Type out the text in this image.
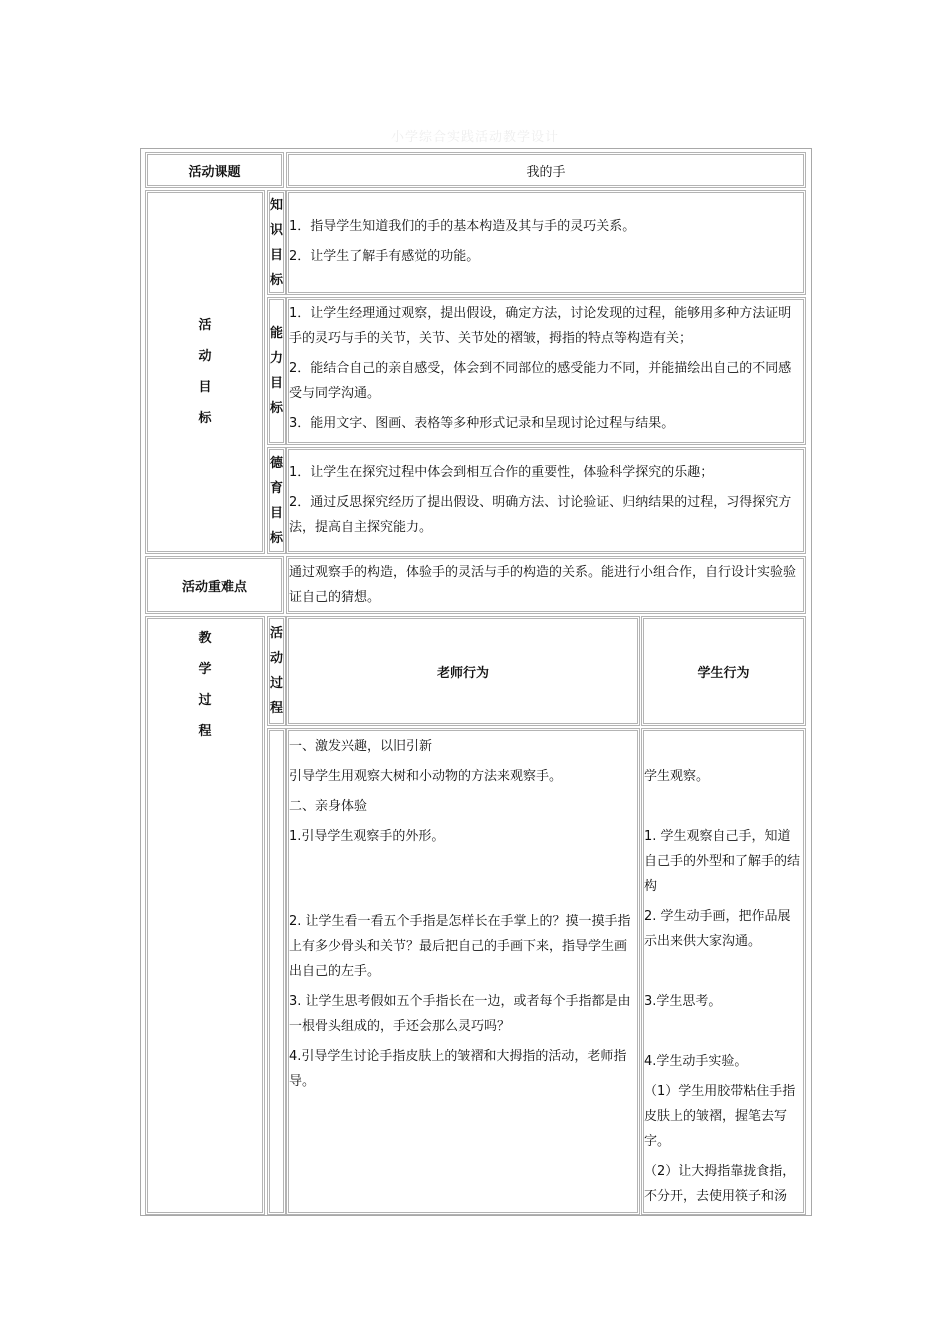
小学综合实践活动教学设计
活动课题	我的手
活
动
目
标
知
识
目
标

1．指导学生知道我们的手的基本构造及其与手的灵巧关系。

2．让学生了解手有感觉的功能。

能
力
目
标

1．让学生经理通过观察，提出假设，确定方法，讨论发现的过程，能够用多种方法证明手的灵巧与手的关节，关节、关节处的褶皱，拇指的特点等构造有关；

2．能结合自己的亲自感受，体会到不同部位的感受能力不同，并能描绘出自己的不同感受与同学沟通。

3．能用文字、图画、表格等多种形式记录和呈现讨论过程与结果。

德
育
目
标

1．让学生在探究过程中体会到相互合作的重要性，体验科学探究的乐趣；

2．通过反思探究经历了提出假设、明确方法、讨论验证、归纳结果的过程，习得探究方法，提高自主探究能力。

活动重难点
通过观察手的构造，体验手的灵活与手的构造的关系。能进行小组合作，自行设计实验验证自己的猜想。
教
学
过
程
活
动
过
程
老师行为	学生行为

一、激发兴趣，以旧引新

引导学生用观察大树和小动物的方法来观察手。

二、亲身体验

1.引导学生观察手的外形。

2. 让学生看一看五个手指是怎样长在手掌上的？摸一摸手指上有多少骨头和关节？最后把自己的手画下来，指导学生画出自己的左手。

3. 让学生思考假如五个手指长在一边，或者每个手指都是由一根骨头组成的，手还会那么灵巧吗？

4.引导学生讨论手指皮肤上的皱褶和大拇指的活动，老师指导。

学生观察。

1. 学生观察自己手，知道自己手的外型和了解手的结构

2. 学生动手画，把作品展示出来供大家沟通。

3.学生思考。

4.学生动手实验。

（1）学生用胶带粘住手指皮肤上的皱褶，握笔去写字。

（2）让大拇指靠拢食指，不分开，去使用筷子和汤
